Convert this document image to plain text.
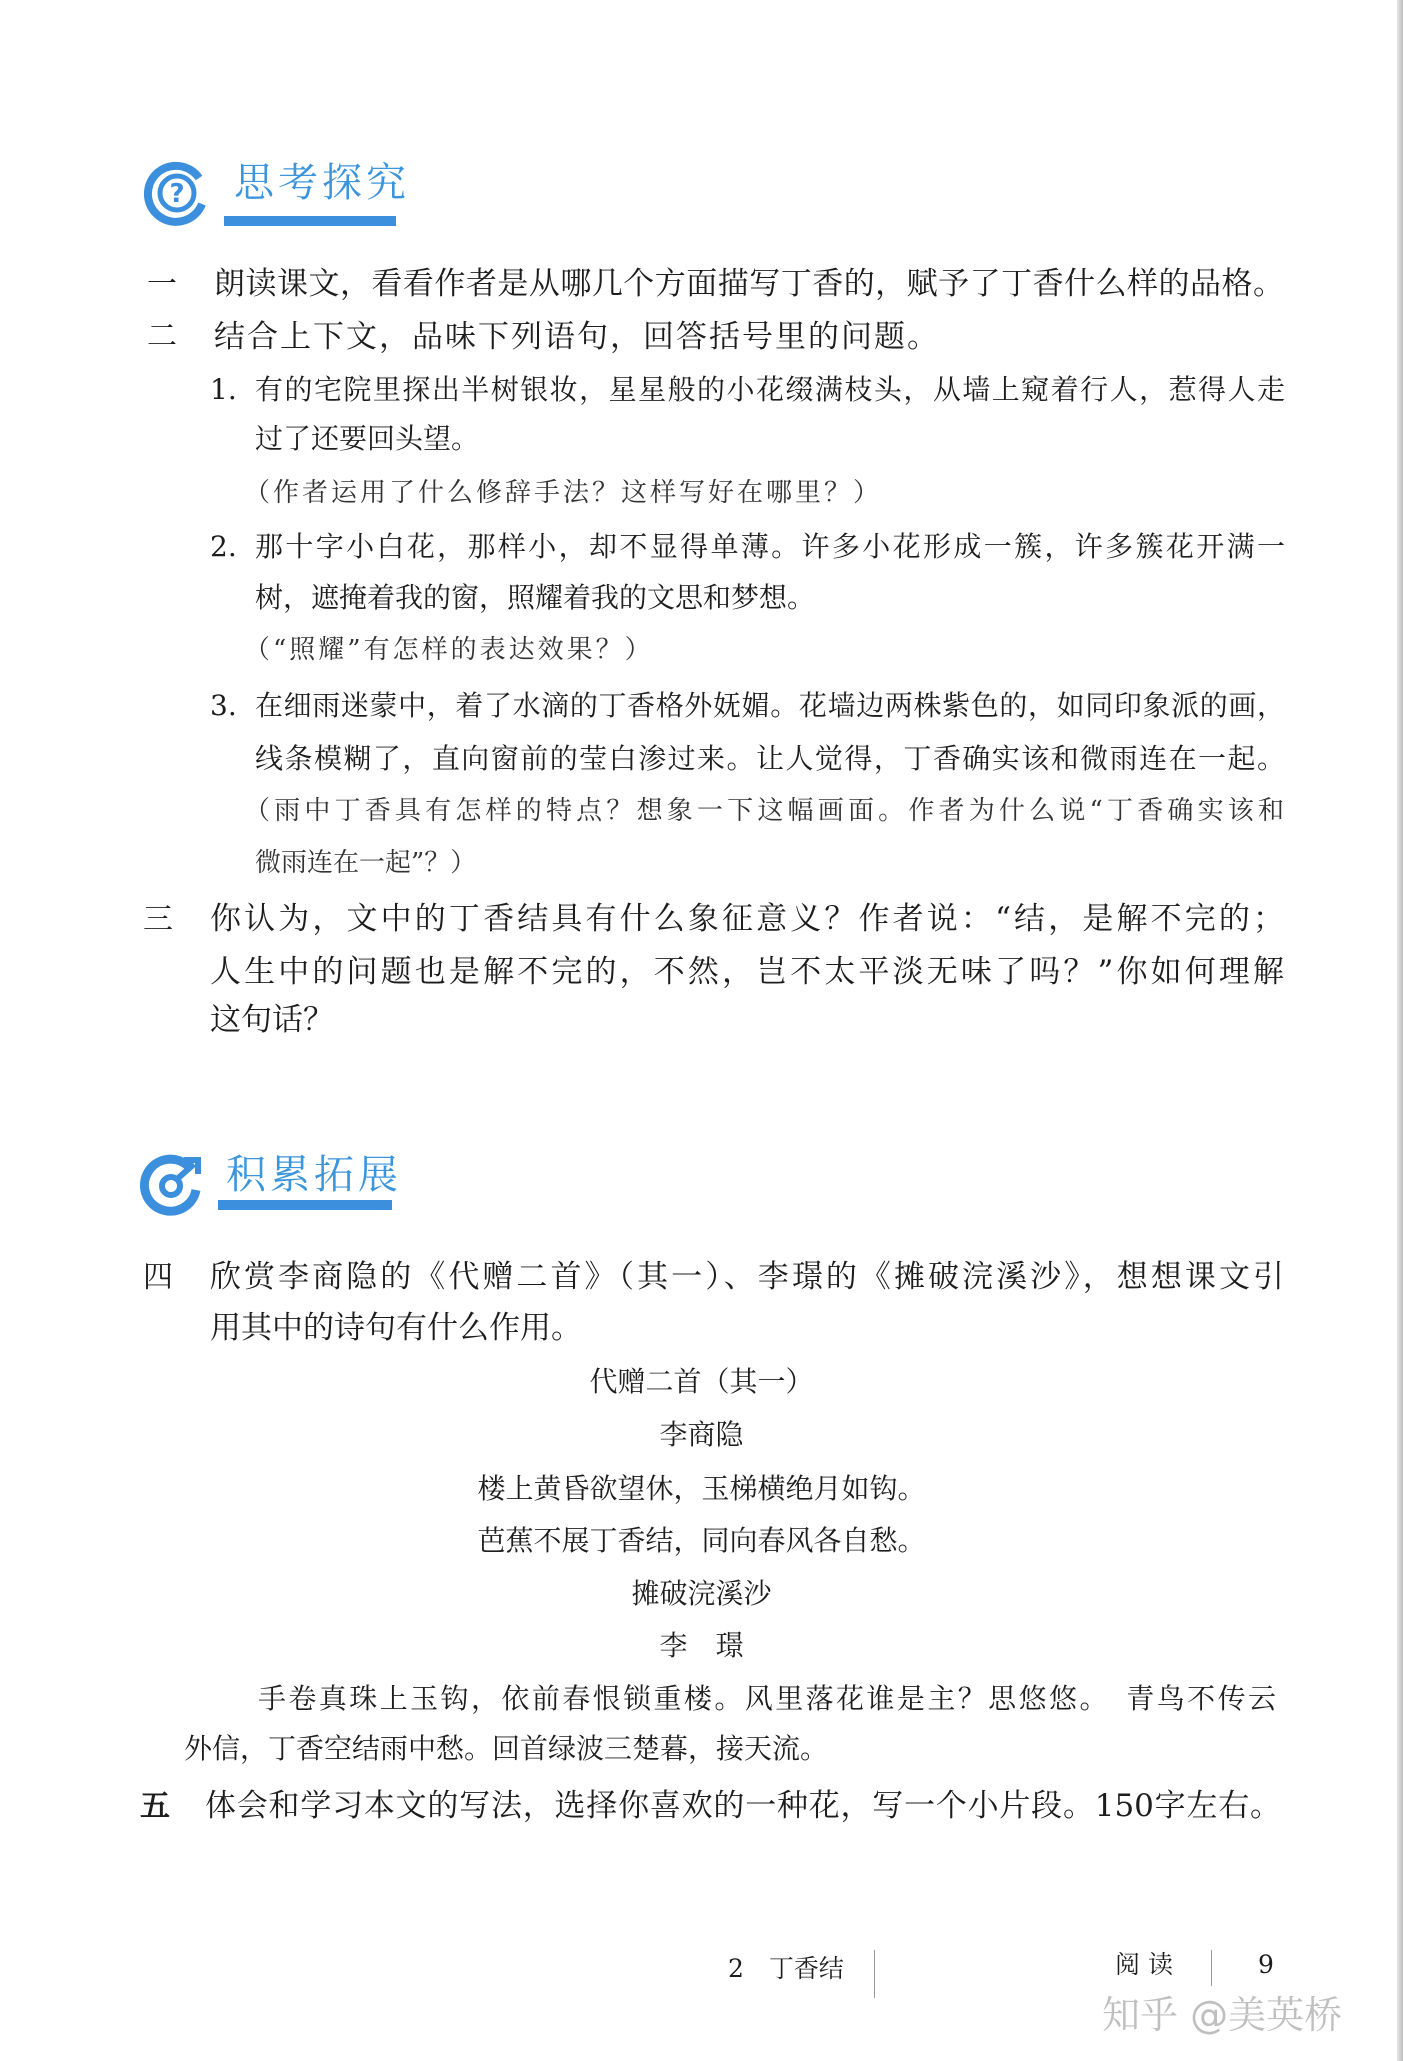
? 思考探究
一 朗读课文，看看作者是从哪几个方面描写丁香的，赋予了丁香什么样的品格。
二 结合上下文，品味下列语句，回答括号里的问题。
1. 有的宅院里探出半树银妆，星星般的小花缀满枝头，从墙上窥着行人，惹得人走
过了还要回头望。
（作者运用了什么修辞手法？这样写好在哪里？）
2. 那十字小白花，那样小，却不显得单薄。许多小花形成一簇，许多簇花开满一
树，遮掩着我的窗，照耀着我的文思和梦想。
（“照耀”有怎样的表达效果？）
3. 在细雨迷蒙中，着了水滴的丁香格外妩媚。花墙边两株紫色的，如同印象派的画，
线条模糊了，直向窗前的莹白渗过来。让人觉得，丁香确实该和微雨连在一起。
（雨中丁香具有怎样的特点？想象一下这幅画面。作者为什么说“丁香确实该和
微雨连在一起”？）
三 你认为，文中的丁香结具有什么象征意义？作者说：“结，是解不完的；
人生中的问题也是解不完的，不然，岂不太平淡无味了吗？”你如何理解
这句话？
积累拓展
四 欣赏李商隐的《代赠二首》（其一）、李璟的《摊破浣溪沙》，想想课文引
用其中的诗句有什么作用。
代赠二首（其一）
李商隐
楼上黄昏欲望休，玉梯横绝月如钩。
芭蕉不展丁香结，同向春风各自愁。
摊破浣溪沙
李　璟
手卷真珠上玉钩，依前春恨锁重楼。风里落花谁是主？思悠悠。　青鸟不传云
外信，丁香空结雨中愁。回首绿波三楚暮，接天流。
五 体会和学习本文的写法，选择你喜欢的一种花，写一个小片段。150字左右。
2　丁香结	阅 读	9
知乎 @美英桥
